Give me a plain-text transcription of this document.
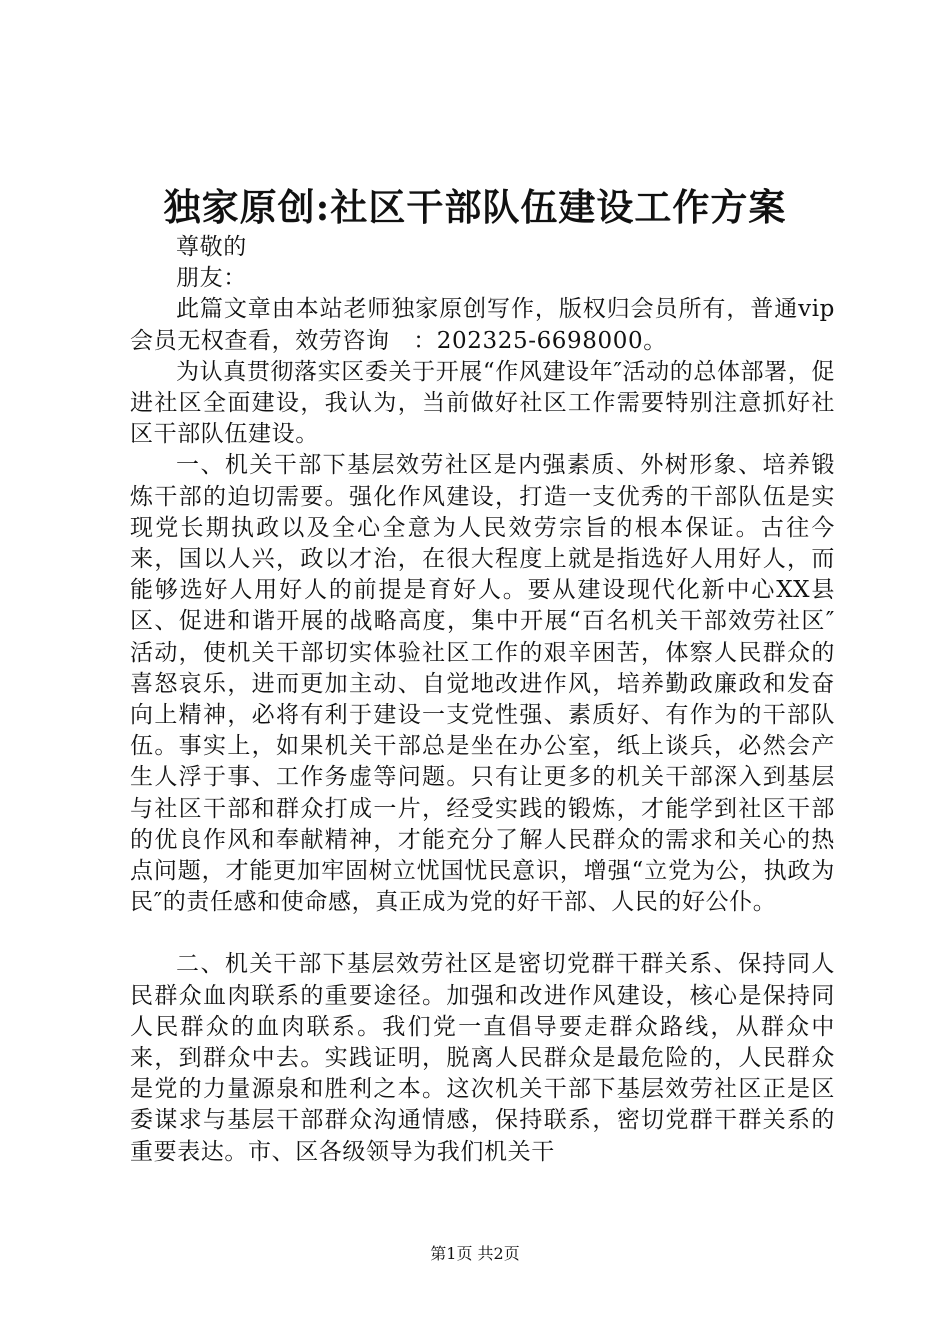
独家原创:社区干部队伍建设工作方案

尊敬的

朋友：

此篇文章由本站老师独家原创写作，版权归会员所有，普通vip会员无权查看，效劳咨询　：202325-6698000。

为认真贯彻落实区委关于开展“作风建设年″活动的总体部署，促进社区全面建设，我认为，当前做好社区工作需要特别注意抓好社区干部队伍建设。

一、机关干部下基层效劳社区是内强素质、外树形象、培养锻炼干部的迫切需要。强化作风建设，打造一支优秀的干部队伍是实现党长期执政以及全心全意为人民效劳宗旨的根本保证。古往今来，国以人兴，政以才治，在很大程度上就是指选好人用好人，而能够选好人用好人的前提是育好人。要从建设现代化新中心XX县区、促进和谐开展的战略高度，集中开展“百名机关干部效劳社区″活动，使机关干部切实体验社区工作的艰辛困苦，体察人民群众的喜怒哀乐，进而更加主动、自觉地改进作风，培养勤政廉政和发奋向上精神，必将有利于建设一支党性强、素质好、有作为的干部队伍。事实上，如果机关干部总是坐在办公室，纸上谈兵，必然会产生人浮于事、工作务虚等问题。只有让更多的机关干部深入到基层与社区干部和群众打成一片，经受实践的锻炼，才能学到社区干部的优良作风和奉献精神，才能充分了解人民群众的需求和关心的热点问题，才能更加牢固树立忧国忧民意识，增强“立党为公，执政为民″的责任感和使命感，真正成为党的好干部、人民的好公仆。

二、机关干部下基层效劳社区是密切党群干群关系、保持同人民群众血肉联系的重要途径。加强和改进作风建设，核心是保持同人民群众的血肉联系。我们党一直倡导要走群众路线，从群众中来，到群众中去。实践证明，脱离人民群众是最危险的，人民群众是党的力量源泉和胜利之本。这次机关干部下基层效劳社区正是区委谋求与基层干部群众沟通情感，保持联系，密切党群干群关系的重要表达。市、区各级领导为我们机关干

第1页 共2页
